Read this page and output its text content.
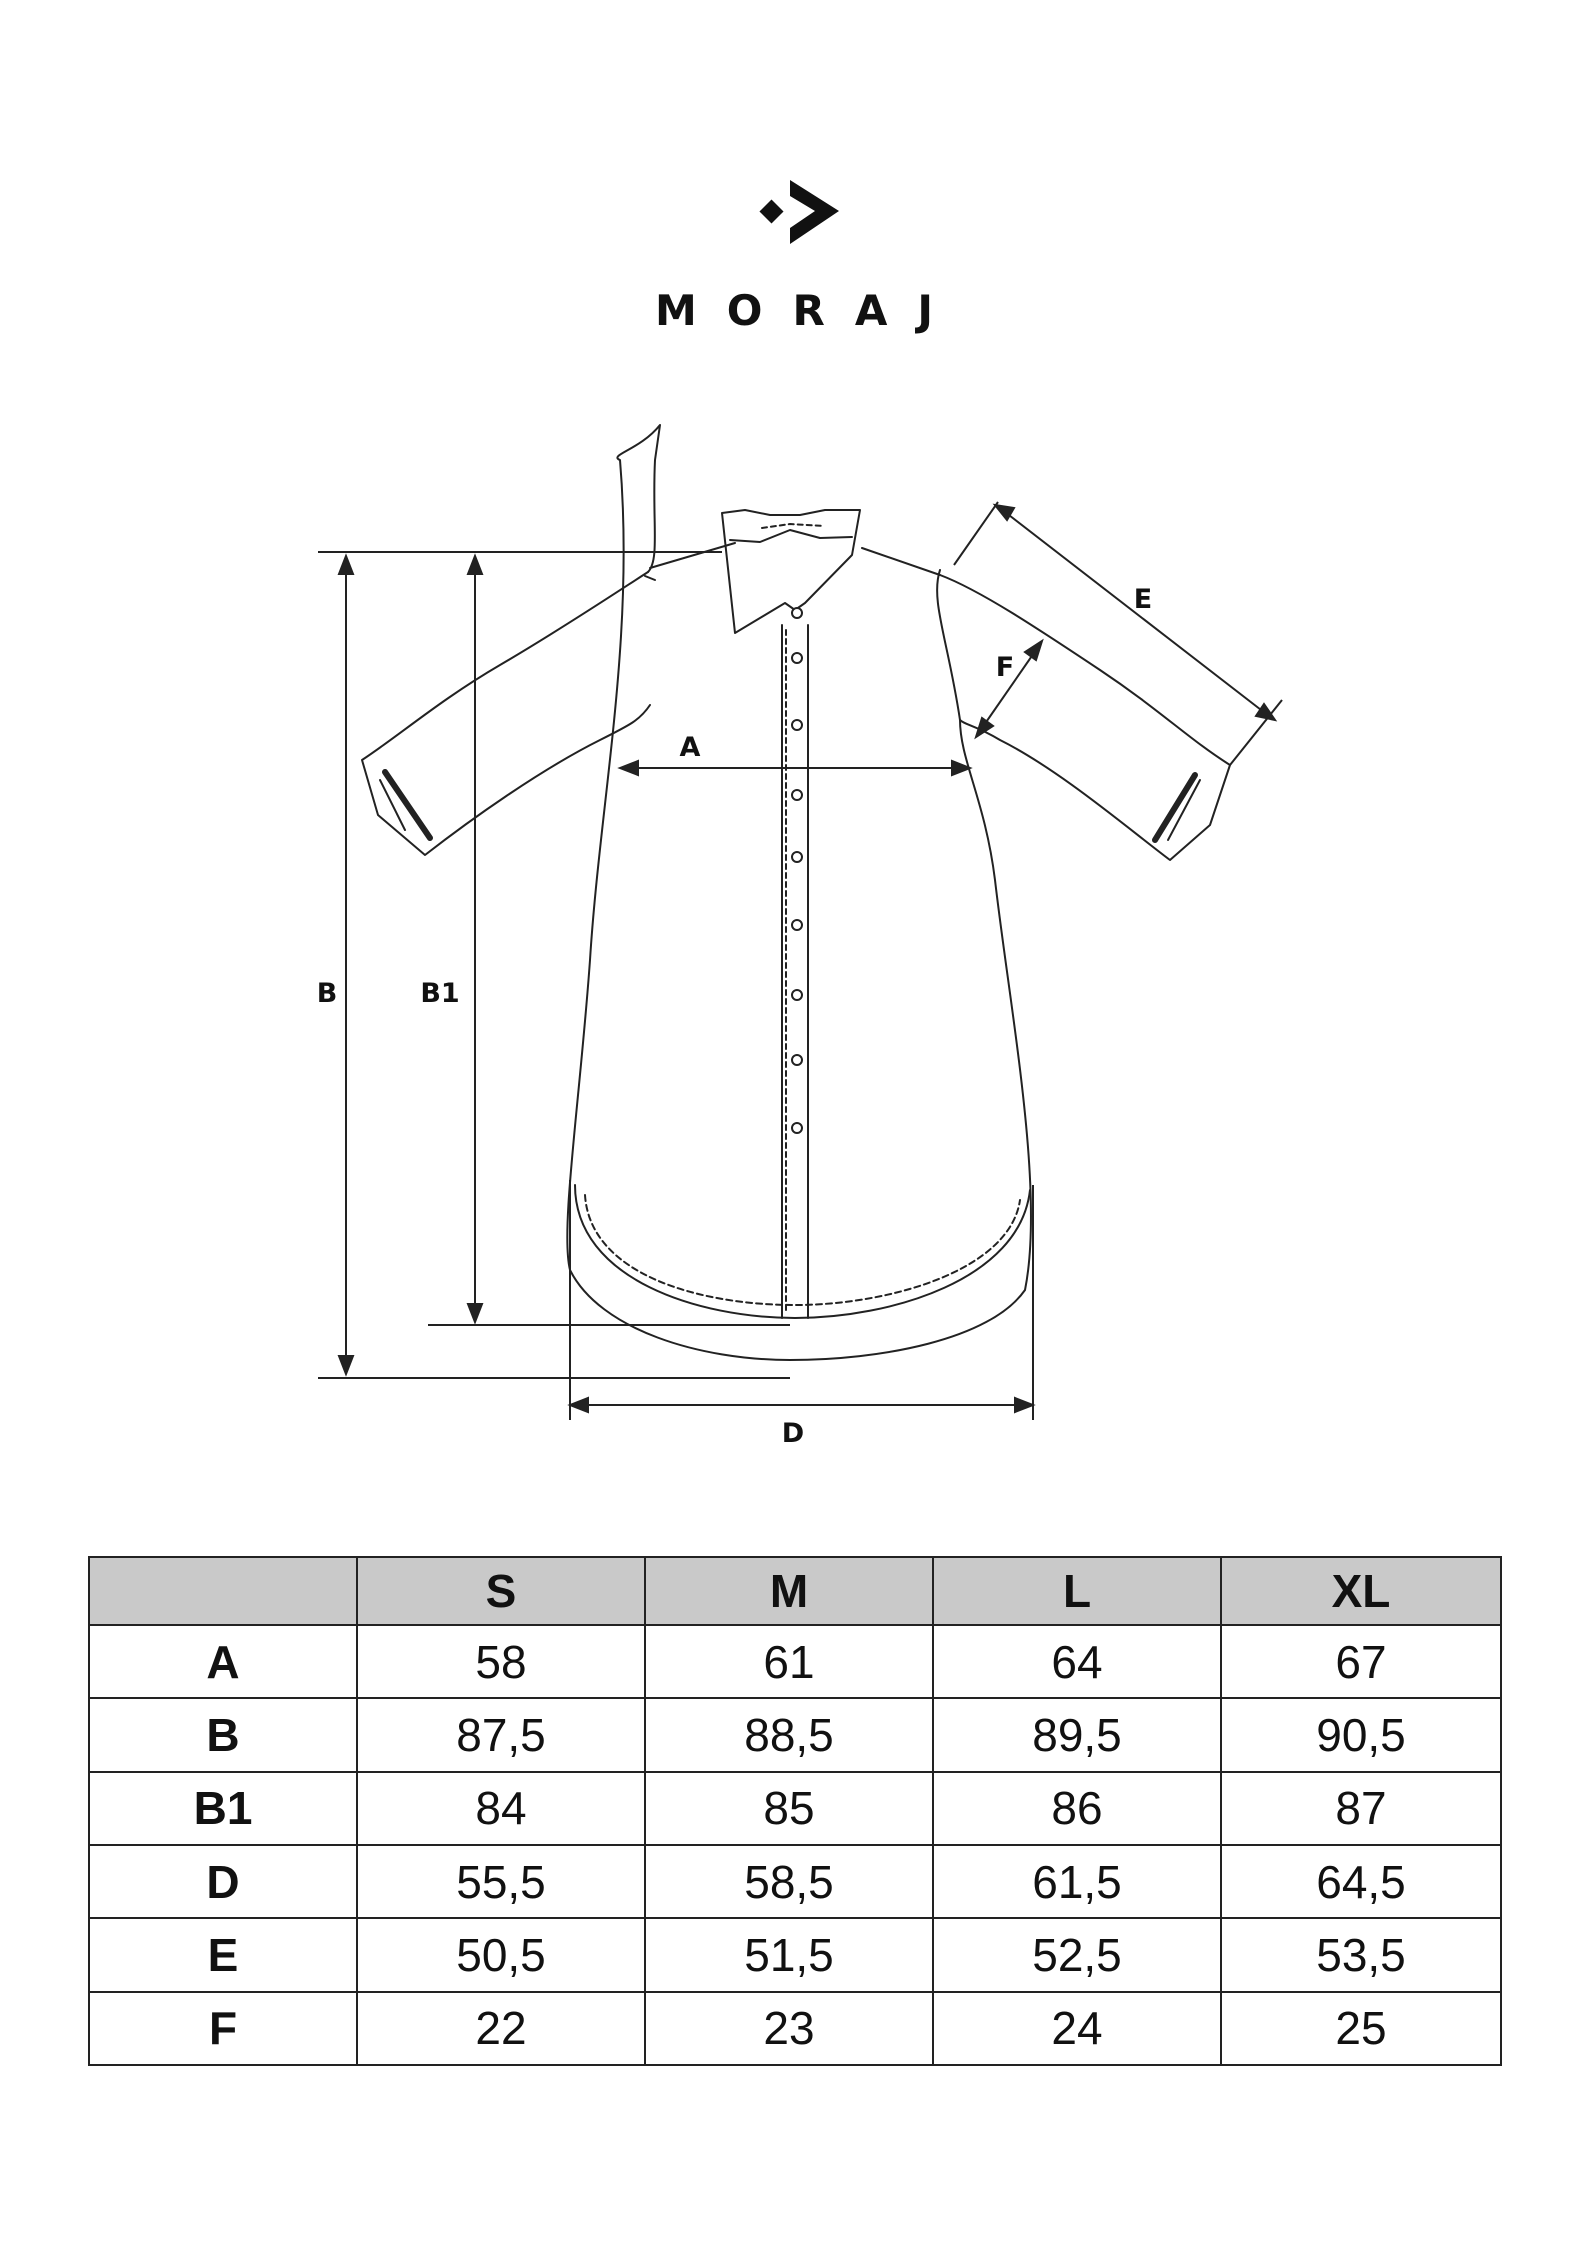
MORAJ
A
B	B1
D
E
F
	S	M	L	XL
A	58	61	64	67
B	87,5	88,5	89,5	90,5
B1	84	85	86	87
D	55,5	58,5	61,5	64,5
E	50,5	51,5	52,5	53,5
F	22	23	24	25
